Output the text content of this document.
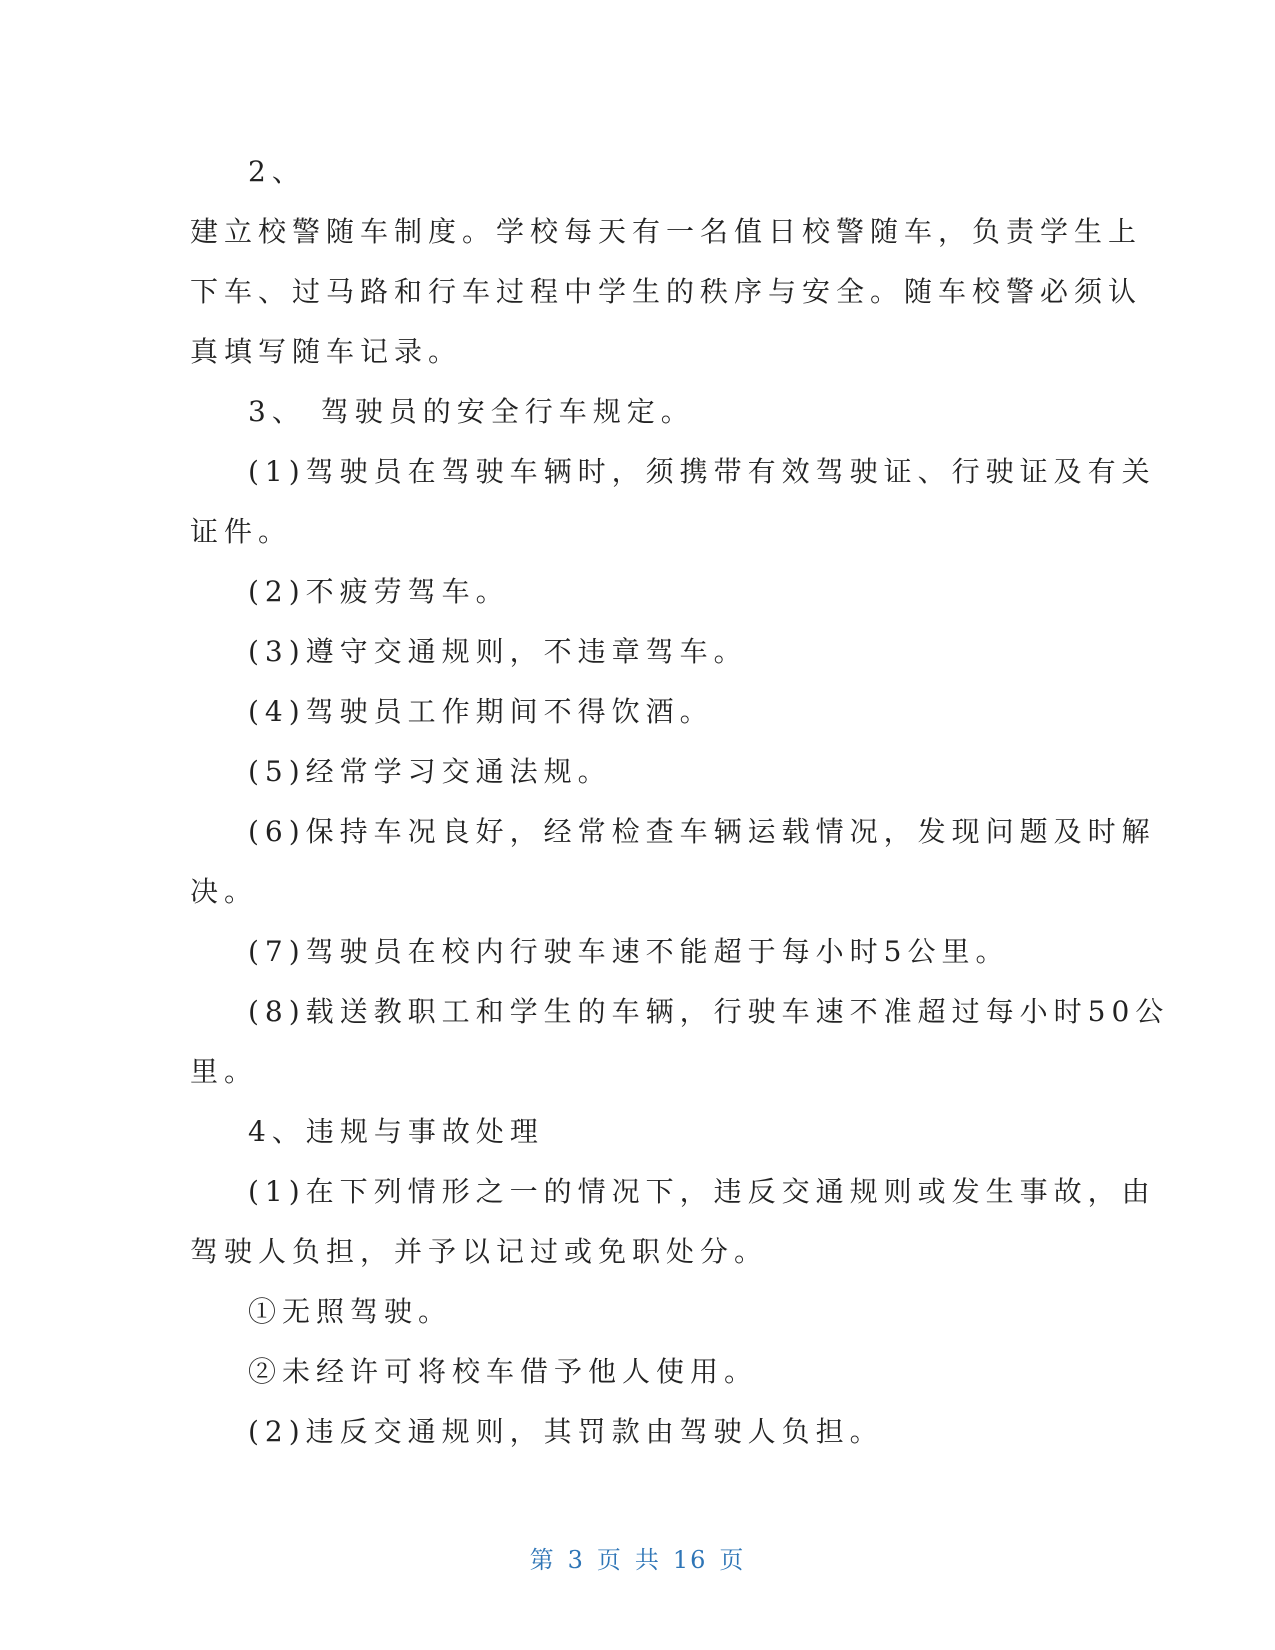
2、
建立校警随车制度。学校每天有一名值日校警随车，负责学生上
下车、过马路和行车过程中学生的秩序与安全。随车校警必须认
真填写随车记录。
3、 驾驶员的安全行车规定。
(1)驾驶员在驾驶车辆时，须携带有效驾驶证、行驶证及有关
证件。
(2)不疲劳驾车。
(3)遵守交通规则，不违章驾车。
(4)驾驶员工作期间不得饮酒。
(5)经常学习交通法规。
(6)保持车况良好，经常检查车辆运载情况，发现问题及时解
决。
(7)驾驶员在校内行驶车速不能超于每小时5公里。
(8)载送教职工和学生的车辆，行驶车速不准超过每小时50公
里。
4、违规与事故处理
(1)在下列情形之一的情况下，违反交通规则或发生事故，由
驾驶人负担，并予以记过或免职处分。
①无照驾驶。
②未经许可将校车借予他人使用。
(2)违反交通规则，其罚款由驾驶人负担。
第 3 页 共 16 页
